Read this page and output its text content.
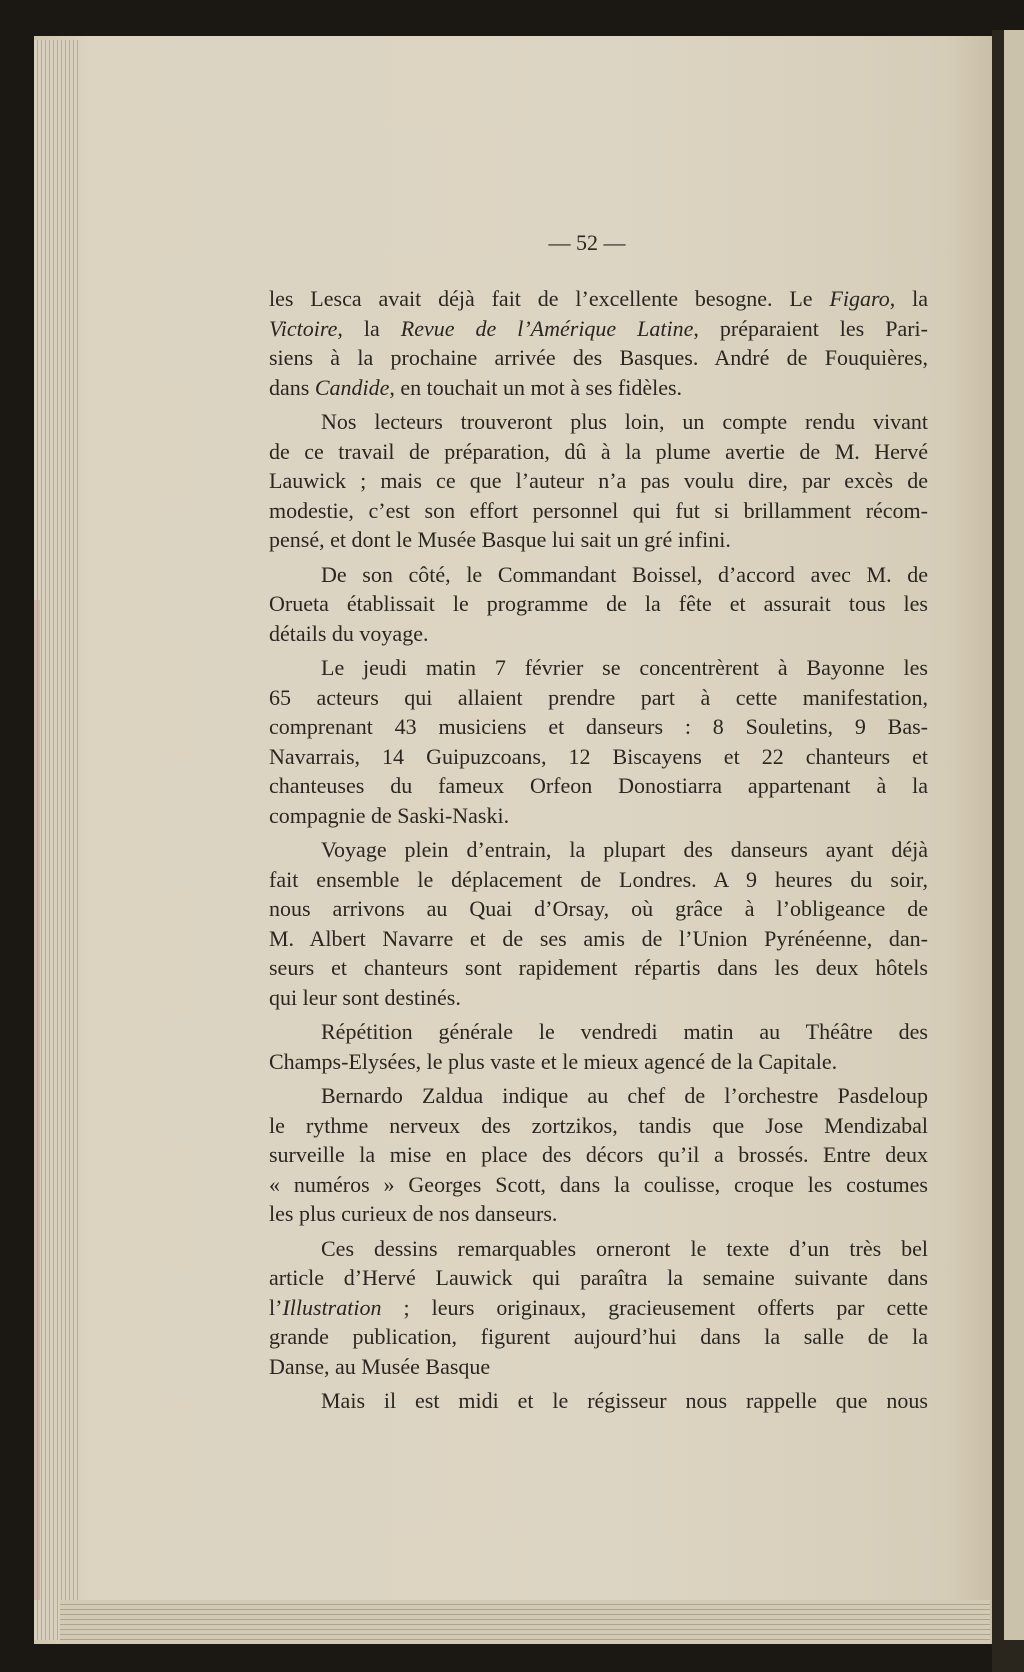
— 52 —
les Lesca avait déjà fait de l’excellente besogne. Le Figaro, la
Victoire, la Revue de l’Amérique Latine, préparaient les Pari-
siens à la prochaine arrivée des Basques. André de Fouquières,
dans Candide, en touchait un mot à ses fidèles.
Nos lecteurs trouveront plus loin, un compte rendu vivant
de ce travail de préparation, dû à la plume avertie de M. Hervé
Lauwick ; mais ce que l’auteur n’a pas voulu dire, par excès de
modestie, c’est son effort personnel qui fut si brillamment récom-
pensé, et dont le Musée Basque lui sait un gré infini.
De son côté, le Commandant Boissel, d’accord avec M. de
Orueta établissait le programme de la fête et assurait tous les
détails du voyage.
Le jeudi matin 7 février se concentrèrent à Bayonne les
65 acteurs qui allaient prendre part à cette manifestation,
comprenant 43 musiciens et danseurs : 8 Souletins, 9 Bas-
Navarrais, 14 Guipuzcoans, 12 Biscayens et 22 chanteurs et
chanteuses du fameux Orfeon Donostiarra appartenant à la
compagnie de Saski-Naski.
Voyage plein d’entrain, la plupart des danseurs ayant déjà
fait ensemble le déplacement de Londres. A 9 heures du soir,
nous arrivons au Quai d’Orsay, où grâce à l’obligeance de
M. Albert Navarre et de ses amis de l’Union Pyrénéenne, dan-
seurs et chanteurs sont rapidement répartis dans les deux hôtels
qui leur sont destinés.
Répétition générale le vendredi matin au Théâtre des
Champs-Elysées, le plus vaste et le mieux agencé de la Capitale.
Bernardo Zaldua indique au chef de l’orchestre Pasdeloup
le rythme nerveux des zortzikos, tandis que Jose Mendizabal
surveille la mise en place des décors qu’il a brossés. Entre deux
« numéros » Georges Scott, dans la coulisse, croque les costumes
les plus curieux de nos danseurs.
Ces dessins remarquables orneront le texte d’un très bel
article d’Hervé Lauwick qui paraîtra la semaine suivante dans
l’Illustration ; leurs originaux, gracieusement offerts par cette
grande publication, figurent aujourd’hui dans la salle de la
Danse, au Musée Basque
Mais il est midi et le régisseur nous rappelle que nous
